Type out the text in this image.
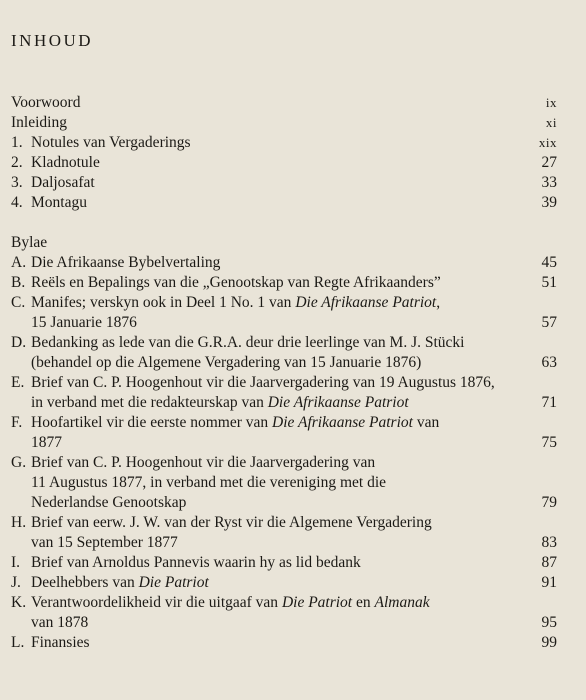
INHOUD
Voorwoord	ix
Inleiding	xi
1. Notules van Vergaderings	xix
2. Kladnotule	27
3. Daljosafat	33
4. Montagu	39
Bylae
A. Die Afrikaanse Bybelvertaling	45
B. Reëls en Bepalings van die „Genootskap van Regte Afrikaanders”	51
C. Manifes; verskyn ook in Deel 1 No. 1 van Die Afrikaanse Patriot,
15 Januarie 1876	57
D. Bedanking as lede van die G.R.A. deur drie leerlinge van M. J. Stücki
(behandel op die Algemene Vergadering van 15 Januarie 1876)	63
E. Brief van C. P. Hoogenhout vir die Jaarvergadering van 19 Augustus 1876,
in verband met die redakteurskap van Die Afrikaanse Patriot	71
F. Hoofartikel vir die eerste nommer van Die Afrikaanse Patriot van
1877	75
G. Brief van C. P. Hoogenhout vir die Jaarvergadering van
11 Augustus 1877, in verband met die vereniging met die
Nederlandse Genootskap	79
H. Brief van eerw. J. W. van der Ryst vir die Algemene Vergadering
van 15 September 1877	83
I. Brief van Arnoldus Pannevis waarin hy as lid bedank	87
J. Deelhebbers van Die Patriot	91
K. Verantwoordelikheid vir die uitgaaf van Die Patriot en Almanak
van 1878	95
L. Finansies	99
